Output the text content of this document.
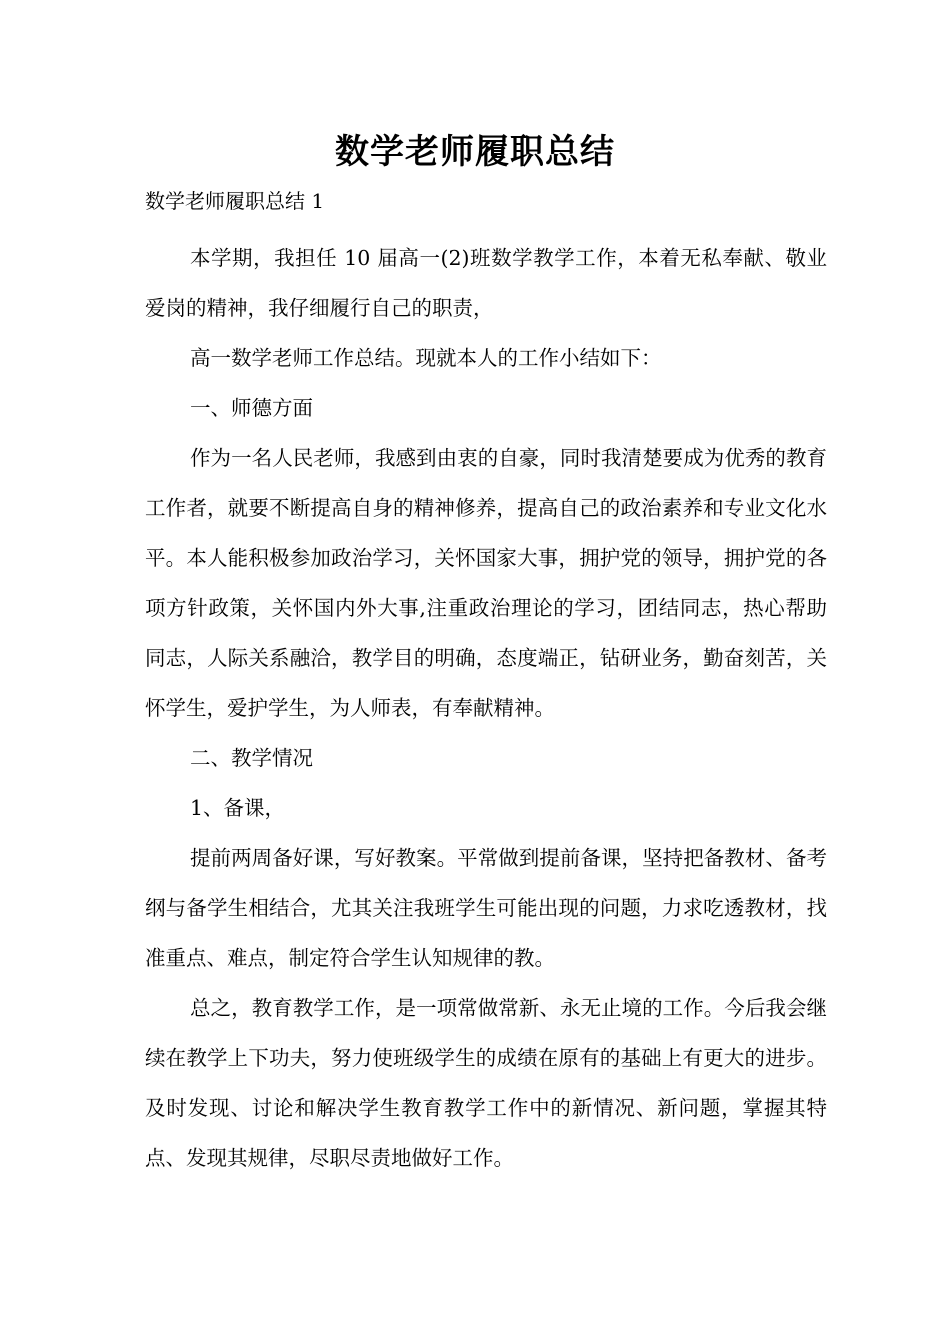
数学老师履职总结

数学老师履职总结 1

本学期，我担任 10 届高一(2)班数学教学工作，本着无私奉献、敬业爱岗的精神，我仔细履行自己的职责，

高一数学老师工作总结。现就本人的工作小结如下：

一、师德方面

作为一名人民老师，我感到由衷的自豪，同时我清楚要成为优秀的教育工作者，就要不断提高自身的精神修养，提高自己的政治素养和专业文化水平。本人能积极参加政治学习，关怀国家大事，拥护党的领导，拥护党的各项方针政策，关怀国内外大事,注重政治理论的学习，团结同志，热心帮助同志，人际关系融洽，教学目的明确，态度端正，钻研业务，勤奋刻苦，关怀学生，爱护学生，为人师表，有奉献精神。

二、教学情况

1、备课，

提前两周备好课，写好教案。平常做到提前备课，坚持把备教材、备考纲与备学生相结合，尤其关注我班学生可能出现的问题，力求吃透教材，找准重点、难点，制定符合学生认知规律的教。

总之，教育教学工作，是一项常做常新、永无止境的工作。今后我会继续在教学上下功夫，努力使班级学生的成绩在原有的基础上有更大的进步。及时发现、讨论和解决学生教育教学工作中的新情况、新问题，掌握其特点、发现其规律，尽职尽责地做好工作。
